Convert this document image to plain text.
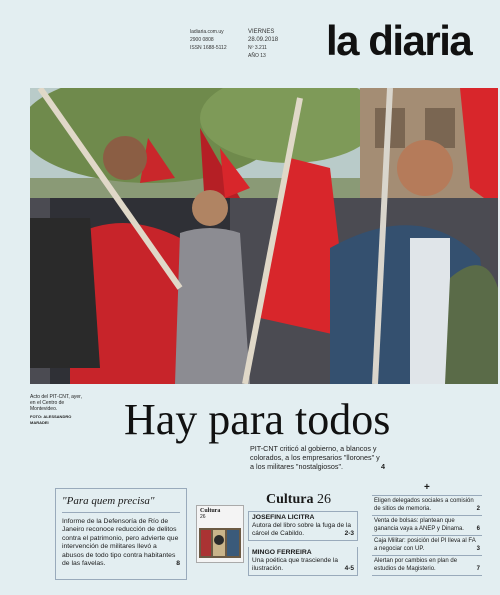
ladiaria.com.uy
2900 0808
ISSN 1688-5112
VIERNES
28.09.2018
Nº 3.211
AÑO 13 la diaria
Acto del PIT-CNT, ayer, en el Centro de Montevideo.
FOTO: ALESSANDRO MARADEI	Hay para todos
PIT-CNT criticó al gobierno, a blancos y colorados, a los empresarios "llorones" y a los militares "nostalgiosos".	4
"Para quem precisa"
Informe de la Defensoría de Río de Janeiro reconoce reducción de delitos contra el patrimonio, pero advierte que intervención de militares llevó a abusos de todo tipo contra habitantes de las favelas.	8
Cultura
26
Cultura 26
JOSEFINA LICITRA
Autora del libro sobre la fuga de la cárcel de Cabildo.	2-3
MINGO FERREIRA
Una poética que trasciende la ilustración.	4-5
+
Eligen delegados sociales a comisión de sitios de memoria.	2
Venta de bolsas: plantean que ganancia vaya a ANEP y Dinama. 6
Caja Militar: posición del PI lleva al FA a negociar con UP.	3
Alertan por cambios en plan de estudios de Magisterio.	7
